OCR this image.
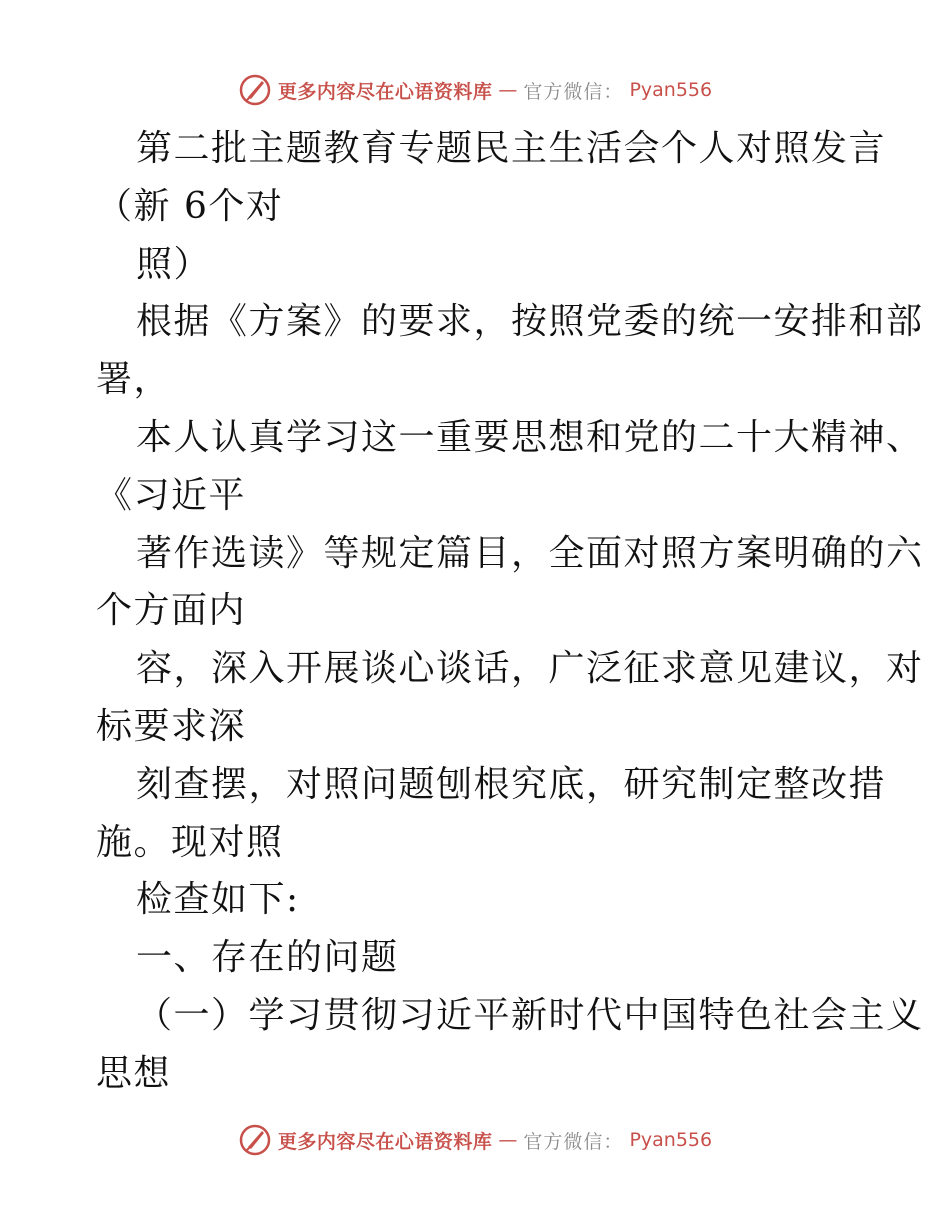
更多内容尽在心语资料库 — 官方微信： Pyan556
第二批主题教育专题民主生活会个人对照发言
（新 6个对
照）
根据《方案》的要求，按照党委的统一安排和部
署，
本人认真学习这一重要思想和党的二十大精神、
《习近平
著作选读》等规定篇目，全面对照方案明确的六
个方面内
容，深入开展谈心谈话，广泛征求意见建议，对
标要求深
刻查摆，对照问题刨根究底，研究制定整改措
施。现对照
检查如下:
一、存在的问题
（一）学习贯彻习近平新时代中国特色社会主义
思想
更多内容尽在心语资料库 — 官方微信： Pyan556
